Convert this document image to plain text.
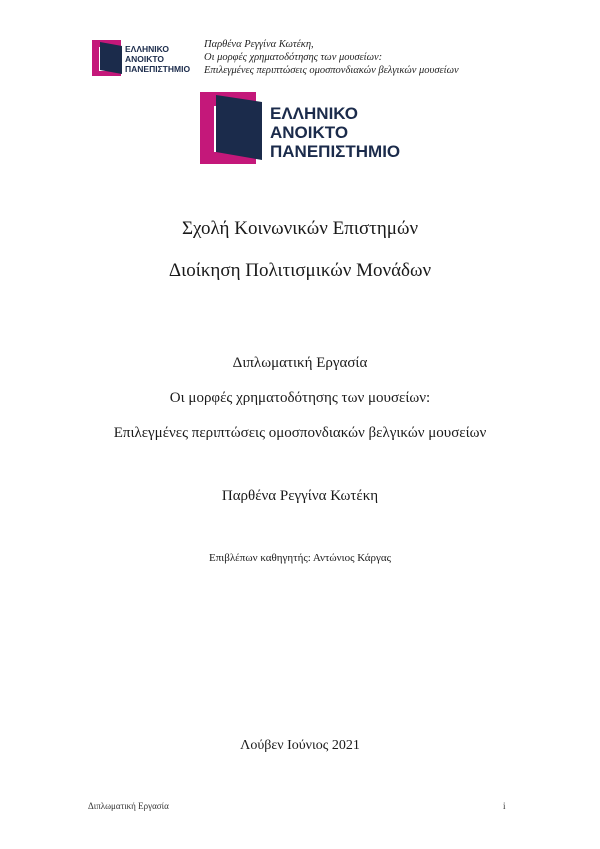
ΕΛΛΗΝΙΚΟ
ΑΝΟΙΚΤΟ
ΠΑΝΕΠΙΣΤΗΜΙΟ
Παρθένα Ρεγγίνα Κωτέκη,
Οι μορφές χρηματοδότησης των μουσείων:
Επιλεγμένες περιπτώσεις ομοσπονδιακών βελγικών μουσείων
ΕΛΛΗΝΙΚΟ
ΑΝΟΙΚΤΟ
ΠΑΝΕΠΙΣΤΗΜΙΟ
Σχολή Κοινωνικών Επιστημών
Διοίκηση Πολιτισμικών Μονάδων
Διπλωματική Εργασία
Οι μορφές χρηματοδότησης των μουσείων:
Επιλεγμένες περιπτώσεις ομοσπονδιακών βελγικών μουσείων
Παρθένα Ρεγγίνα Κωτέκη
Επιβλέπων καθηγητής: Αντώνιος Κάργας
Λούβεν Ιούνιος 2021
Διπλωματική Εργασία	i
